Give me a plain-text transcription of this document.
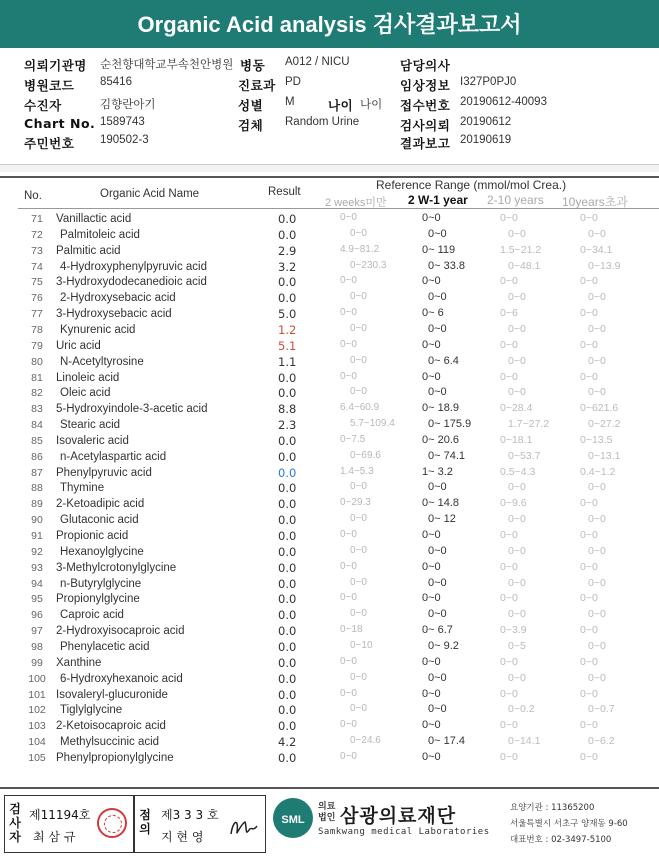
Organic Acid analysis 검사결과보고서
의뢰기관명 순천향대학교부속천안병원 병동 A012 / NICU	담당의사
병원코드 85416	진료과 PD	임상정보 I327P0PJ0
수진자	김향란아기	성별 M	나이 나이 접수번호 20190612-40093
Chart No. 1589743	검체 Random Urine	검사의뢰 20190612
주민번호 190502-3	결과보고 20190619
No.	Organic Acid Name	Result	Reference Range (mmol/mol Crea.)
2 weeks미만 2 W-1 year 2-10 years 10years초과
71	Vanillactic acid	0.0	0~0	0~0	0~0	0~0
72	Palmitoleic acid	0.0	0~0	0~0	0~0	0~0
73	Palmitic acid	2.9	4.9~81.2	0~ 119	1.5~21.2	0~34.1
74	4-Hydroxyphenylpyruvic acid	3.2	0~230.3	0~ 33.8	0~48.1	0~13.9
75	3-Hydroxydodecanedioic acid	0.0	0~0	0~0	0~0	0~0
76	2-Hydroxysebacic acid	0.0	0~0	0~0	0~0	0~0
77	3-Hydroxysebacic acid	5.0	0~0	0~ 6	0~6	0~0
78	Kynurenic acid	1.2	0~0	0~0	0~0	0~0
79	Uric acid	5.1	0~0	0~0	0~0	0~0
80	N-Acetyltyrosine	1.1	0~0	0~ 6.4	0~0	0~0
81	Linoleic acid	0.0	0~0	0~0	0~0	0~0
82	Oleic acid	0.0	0~0	0~0	0~0	0~0
83	5-Hydroxyindole-3-acetic acid	8.8	6.4~60.9	0~ 18.9	0~28.4	0~621.6
84	Stearic acid	2.3	5.7~109.4	0~ 175.9	1.7~27.2	0~27.2
85	Isovaleric acid	0.0	0~7.5	0~ 20.6	0~18.1	0~13.5
86	n-Acetylaspartic acid	0.0	0~69.6	0~ 74.1	0~53.7	0~13.1
87	Phenylpyruvic acid	0.0	1.4~5.3	1~ 3.2	0.5~4.3	0.4~1.2
88	Thymine	0.0	0~0	0~0	0~0	0~0
89	2-Ketoadipic acid	0.0	0~29.3	0~ 14.8	0~9.6	0~0
90	Glutaconic acid	0.0	0~0	0~ 12	0~0	0~0
91	Propionic acid	0.0	0~0	0~0	0~0	0~0
92	Hexanoylglycine	0.0	0~0	0~0	0~0	0~0
93	3-Methylcrotonylglycine	0.0	0~0	0~0	0~0	0~0
94	n-Butyrylglycine	0.0	0~0	0~0	0~0	0~0
95	Propionylglycine	0.0	0~0	0~0	0~0	0~0
96	Caproic acid	0.0	0~0	0~0	0~0	0~0
97	2-Hydroxyisocaproic acid	0.0	0~18	0~ 6.7	0~3.9	0~0
98	Phenylacetic acid	0.0	0~10	0~ 9.2	0~5	0~0
99	Xanthine	0.0	0~0	0~0	0~0	0~0
100	6-Hydroxyhexanoic acid	0.0	0~0	0~0	0~0	0~0
101 Isovaleryl-glucuronide	0.0	0~0	0~0	0~0	0~0
102	Tiglylglycine	0.0	0~0	0~0	0~0.2	0~0.7
103 2-Ketoisocaproic acid	0.0	0~0	0~0	0~0	0~0
104	Methylsuccinic acid	4.2	0~24.6	0~ 17.4	0~14.1	0~6.2
105 Phenylpropionylglycine	0.0	0~0	0~0	0~0	0~0
검사자
제11194호
최 삼 규
점의
제3 3 3 호
지 현 영
SML
의료
법인 삼광의료재단
Samkwang medical Laboratories
요양기관 : 11365200
서울특별시 서초구 양재동 9-60
대표번호 : 02-3497-5100
